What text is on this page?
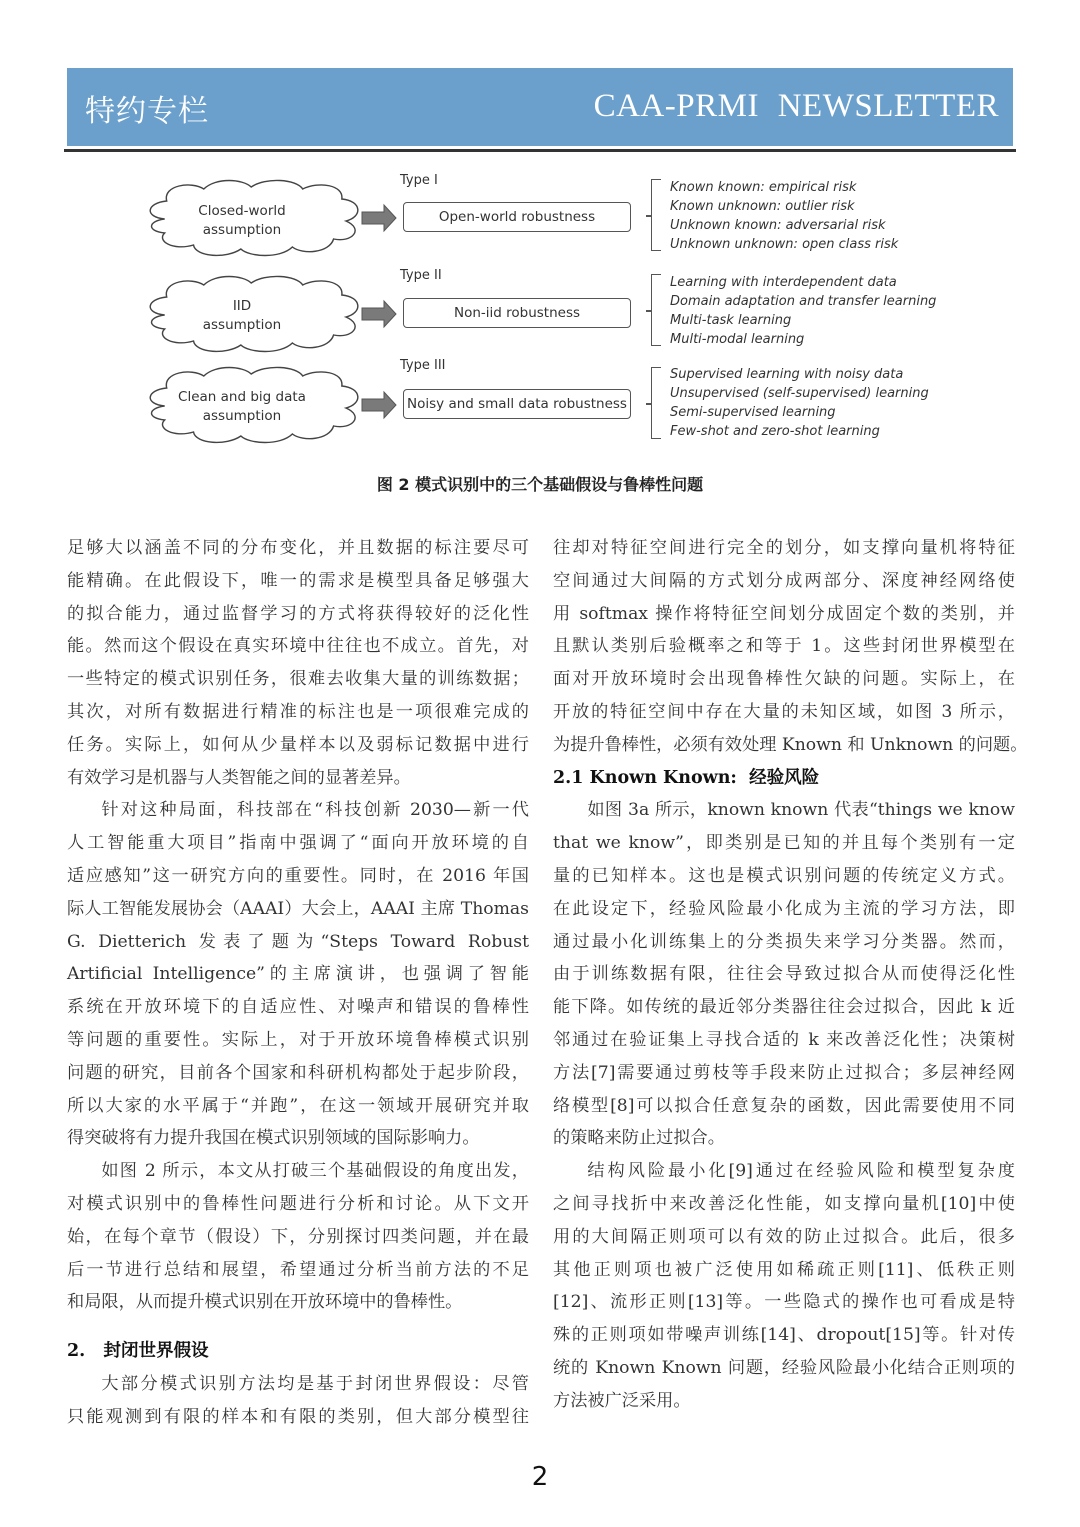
特约专栏	CAA-PRMI NEWSLETTER
Closed-world
assumption
IID
assumption
Clean and big data
assumption
Type I
Type II
Type III
Open-world robustness
Non-iid robustness
Noisy and small data robustness
Known known: empirical risk
Known unknown: outlier risk
Unknown known: adversarial risk
Unknown unknown: open class risk
Learning with interdependent data
Domain adaptation and transfer learning
Multi-task learning
Multi-modal learning
Supervised learning with noisy data
Unsupervised (self-supervised) learning
Semi-supervised learning
Few-shot and zero-shot learning
图 2 模式识别中的三个基础假设与鲁棒性问题

足够大以涵盖不同的分布变化，并且数据的标注要尽可
能精确。在此假设下，唯一的需求是模型具备足够强大
的拟合能力，通过监督学习的方式将获得较好的泛化性
能。然而这个假设在真实环境中往往也不成立。首先，对
一些特定的模式识别任务，很难去收集大量的训练数据；
其次，对所有数据进行精准的标注也是一项很难完成的
任务。实际上，如何从少量样本以及弱标记数据中进行
有效学习是机器与人类智能之间的显著差异。

针对这种局面，科技部在“科技创新 2030—新一代
人工智能重大项目”指南中强调了“面向开放环境的自
适应感知”这一研究方向的重要性。同时，在 2016 年国
际人工智能发展协会（AAAI）大会上，AAAI 主席 Thomas
G. Dietterich 发表了题为“Steps Toward Robust
Artificial Intelligence”的主席演讲，也强调了智能
系统在开放环境下的自适应性、对噪声和错误的鲁棒性
等问题的重要性。实际上，对于开放环境鲁棒模式识别
问题的研究，目前各个国家和科研机构都处于起步阶段，
所以大家的水平属于“并跑”，在这一领域开展研究并取
得突破将有力提升我国在模式识别领域的国际影响力。

如图 2 所示，本文从打破三个基础假设的角度出发，
对模式识别中的鲁棒性问题进行分析和讨论。从下文开
始，在每个章节（假设）下，分别探讨四类问题，并在最
后一节进行总结和展望，希望通过分析当前方法的不足
和局限，从而提升模式识别在开放环境中的鲁棒性。

2.   封闭世界假设

大部分模式识别方法均是基于封闭世界假设：尽管
只能观测到有限的样本和有限的类别，但大部分模型往

往却对特征空间进行完全的划分，如支撑向量机将特征
空间通过大间隔的方式划分成两部分、深度神经网络使
用 softmax 操作将特征空间划分成固定个数的类别，并
且默认类别后验概率之和等于 1。这些封闭世界模型在
面对开放环境时会出现鲁棒性欠缺的问题。实际上，在
开放的特征空间中存在大量的未知区域，如图 3 所示，
为提升鲁棒性，必须有效处理 Known 和 Unknown 的问题。

2.1 Known Known:  经验风险

如图 3a 所示，known known 代表“things we know
that we know”，即类别是已知的并且每个类别有一定
量的已知样本。这也是模式识别问题的传统定义方式。
在此设定下，经验风险最小化成为主流的学习方法，即
通过最小化训练集上的分类损失来学习分类器。然而，
由于训练数据有限，往往会导致过拟合从而使得泛化性
能下降。如传统的最近邻分类器往往会过拟合，因此 k 近
邻通过在验证集上寻找合适的 k 来改善泛化性；决策树
方法[7]需要通过剪枝等手段来防止过拟合；多层神经网
络模型[8]可以拟合任意复杂的函数，因此需要使用不同
的策略来防止过拟合。

结构风险最小化[9]通过在经验风险和模型复杂度
之间寻找折中来改善泛化性能，如支撑向量机[10]中使
用的大间隔正则项可以有效的防止过拟合。此后，很多
其他正则项也被广泛使用如稀疏正则[11]、低秩正则
[12]、流形正则[13]等。一些隐式的操作也可看成是特
殊的正则项如带噪声训练[14]、dropout[15]等。针对传
统的 Known Known 问题，经验风险最小化结合正则项的
方法被广泛采用。

2
